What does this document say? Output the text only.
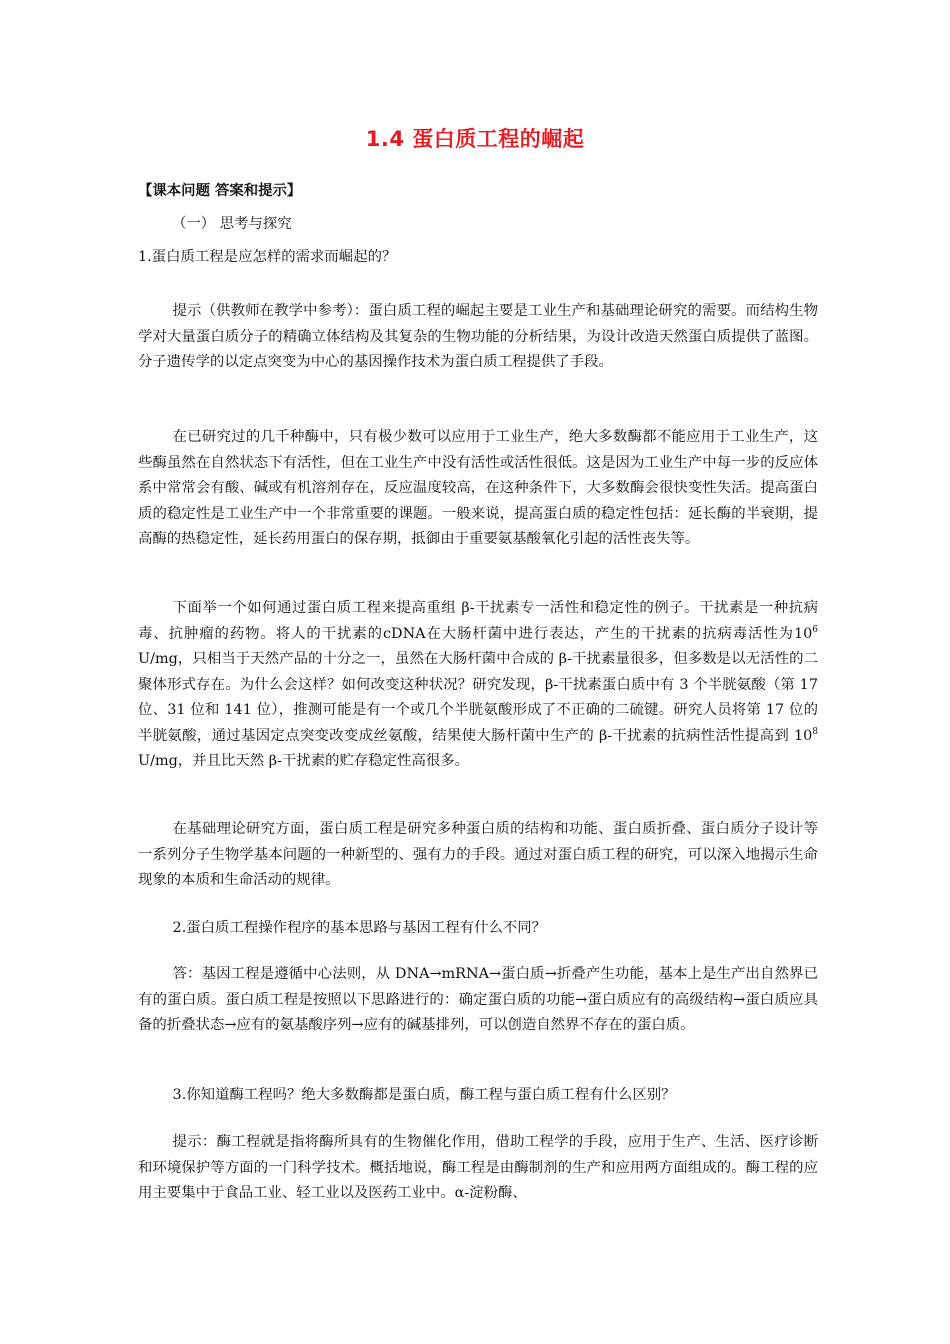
1.4 蛋白质工程的崛起
【课本问题 答案和提示】
（一） 思考与探究
1.蛋白质工程是应怎样的需求而崛起的？
提示（供教师在教学中参考）：蛋白质工程的崛起主要是工业生产和基础理论研究的需要。而结构生物学对大量蛋白质分子的精确立体结构及其复杂的生物功能的分析结果，为设计改造天然蛋白质提供了蓝图。分子遗传学的以定点突变为中心的基因操作技术为蛋白质工程提供了手段。
在已研究过的几千种酶中，只有极少数可以应用于工业生产，绝大多数酶都不能应用于工业生产，这些酶虽然在自然状态下有活性，但在工业生产中没有活性或活性很低。这是因为工业生产中每一步的反应体系中常常会有酸、碱或有机溶剂存在，反应温度较高，在这种条件下，大多数酶会很快变性失活。提高蛋白质的稳定性是工业生产中一个非常重要的课题。一般来说，提高蛋白质的稳定性包括：延长酶的半衰期，提高酶的热稳定性，延长药用蛋白的保存期，抵御由于重要氨基酸氧化引起的活性丧失等。
下面举一个如何通过蛋白质工程来提高重组 β-干扰素专一活性和稳定性的例子。干扰素是一种抗病毒、抗肿瘤的药物。将人的干扰素的cDNA在大肠杆菌中进行表达，产生的干扰素的抗病毒活性为$10^6$ U/mg，只相当于天然产品的十分之一，虽然在大肠杆菌中合成的 β-干扰素量很多，但多数是以无活性的二聚体形式存在。为什么会这样？如何改变这种状况？研究发现，β-干扰素蛋白质中有 3 个半胱氨酸（第 17 位、31 位和 141 位），推测可能是有一个或几个半胱氨酸形成了不正确的二硫键。研究人员将第 17 位的半胱氨酸，通过基因定点突变改变成丝氨酸，结果使大肠杆菌中生产的 β-干扰素的抗病性活性提高到 $10^8$ U/mg，并且比天然 β-干扰素的贮存稳定性高很多。
在基础理论研究方面，蛋白质工程是研究多种蛋白质的结构和功能、蛋白质折叠、蛋白质分子设计等一系列分子生物学基本问题的一种新型的、强有力的手段。通过对蛋白质工程的研究，可以深入地揭示生命现象的本质和生命活动的规律。
2.蛋白质工程操作程序的基本思路与基因工程有什么不同？
答：基因工程是遵循中心法则，从 DNA→mRNA→蛋白质→折叠产生功能，基本上是生产出自然界已有的蛋白质。蛋白质工程是按照以下思路进行的：确定蛋白质的功能→蛋白质应有的高级结构→蛋白质应具备的折叠状态→应有的氨基酸序列→应有的碱基排列，可以创造自然界不存在的蛋白质。
3.你知道酶工程吗？绝大多数酶都是蛋白质，酶工程与蛋白质工程有什么区别？
提示：酶工程就是指将酶所具有的生物催化作用，借助工程学的手段，应用于生产、生活、医疗诊断和环境保护等方面的一门科学技术。概括地说，酶工程是由酶制剂的生产和应用两方面组成的。酶工程的应用主要集中于食品工业、轻工业以及医药工业中。α-淀粉酶、
